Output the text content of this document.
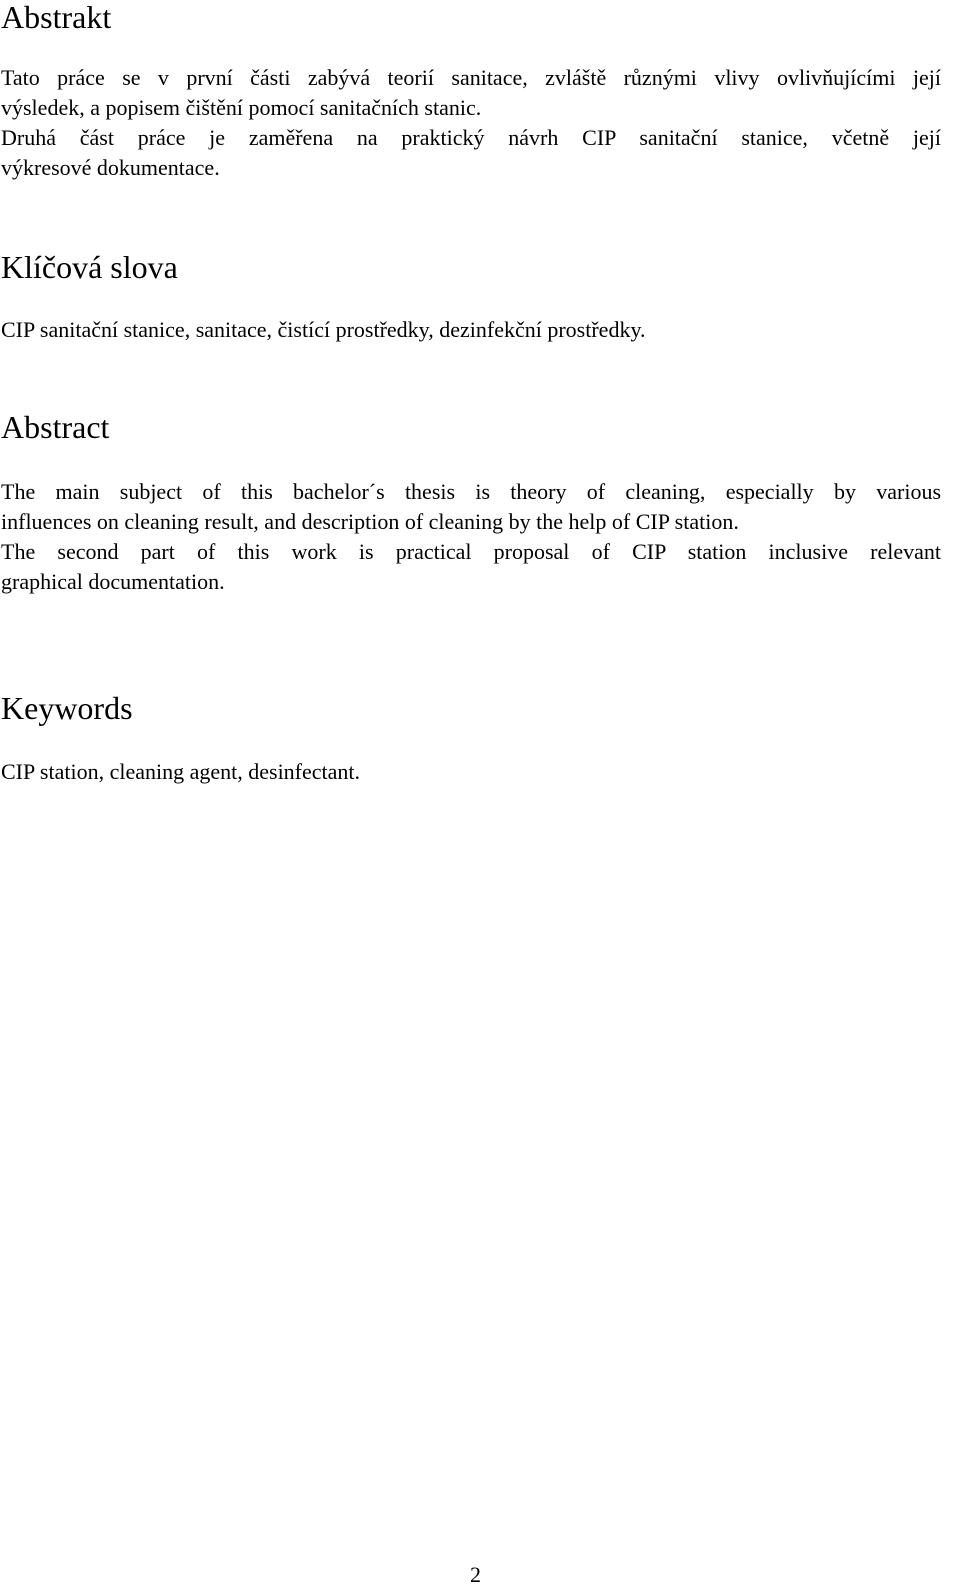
Abstrakt

Tato práce se v první části zabývá teorií sanitace, zvláště různými vlivy ovlivňujícími její
výsledek, a popisem čištění pomocí sanitačních stanic.
Druhá část práce je zaměřena na praktický návrh CIP sanitační stanice, včetně její
výkresové dokumentace.

Klíčová slova

CIP sanitační stanice, sanitace, čistící prostředky, dezinfekční prostředky.

Abstract

The main subject of this bachelor´s thesis is theory of cleaning, especially by various
influences on cleaning result, and description of cleaning by the help of CIP station.
The second part of this work is practical proposal of CIP station inclusive relevant
graphical documentation.

Keywords

CIP station, cleaning agent, desinfectant.

2
